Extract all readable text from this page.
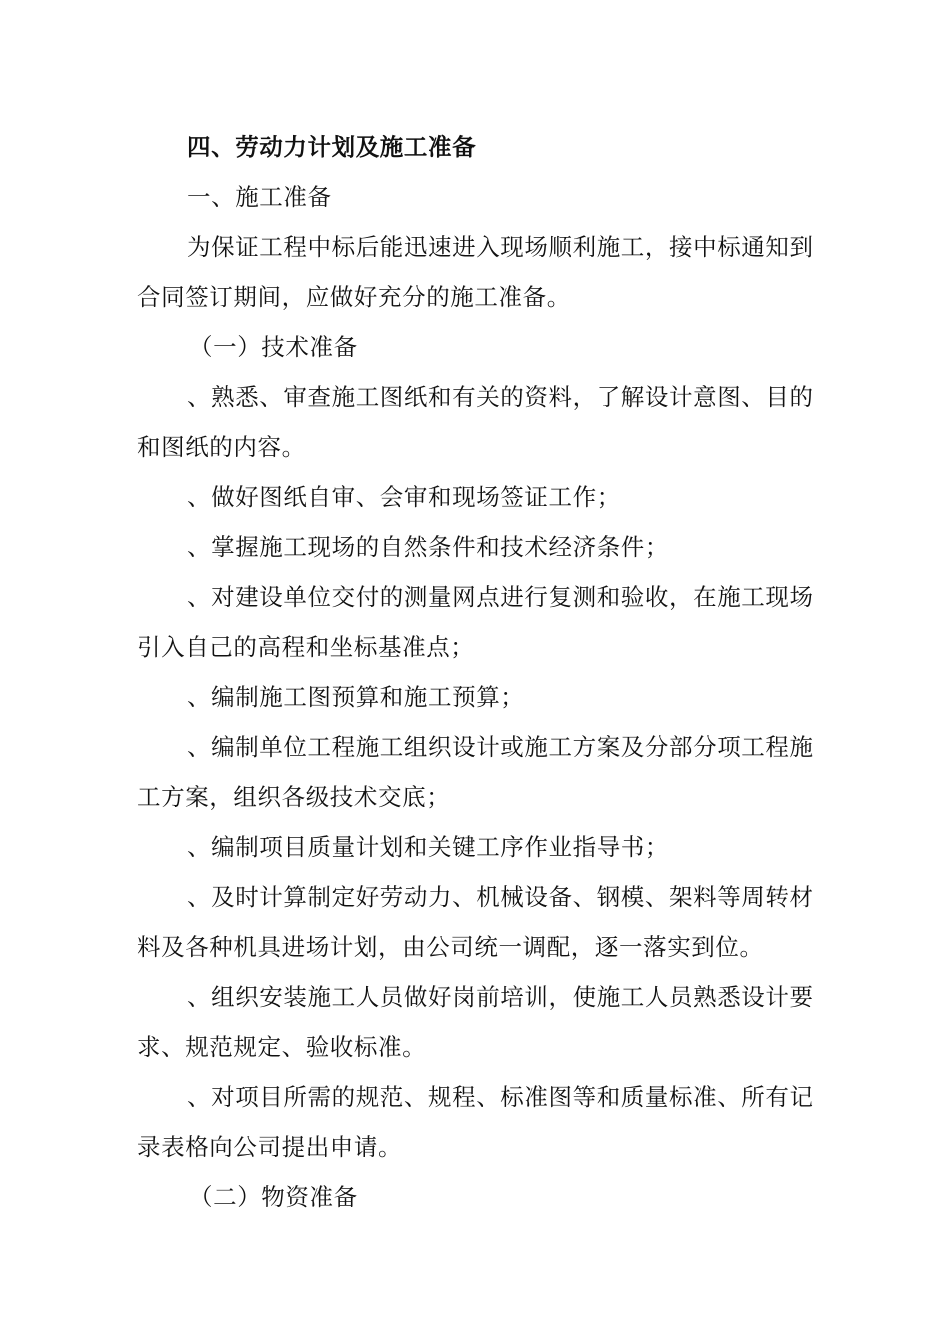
四、劳动力计划及施工准备
一、施工准备
为保证工程中标后能迅速进入现场顺利施工，接中标通知到
合同签订期间，应做好充分的施工准备。
（一）技术准备
、熟悉、审查施工图纸和有关的资料，了解设计意图、目的
和图纸的内容。
、做好图纸自审、会审和现场签证工作；
、掌握施工现场的自然条件和技术经济条件；
、对建设单位交付的测量网点进行复测和验收，在施工现场
引入自己的高程和坐标基准点；
、编制施工图预算和施工预算；
、编制单位工程施工组织设计或施工方案及分部分项工程施
工方案，组织各级技术交底；
、编制项目质量计划和关键工序作业指导书；
、及时计算制定好劳动力、机械设备、钢模、架料等周转材
料及各种机具进场计划，由公司统一调配，逐一落实到位。
、组织安装施工人员做好岗前培训，使施工人员熟悉设计要
求、规范规定、验收标准。
、对项目所需的规范、规程、标准图等和质量标准、所有记
录表格向公司提出申请。
（二）物资准备
